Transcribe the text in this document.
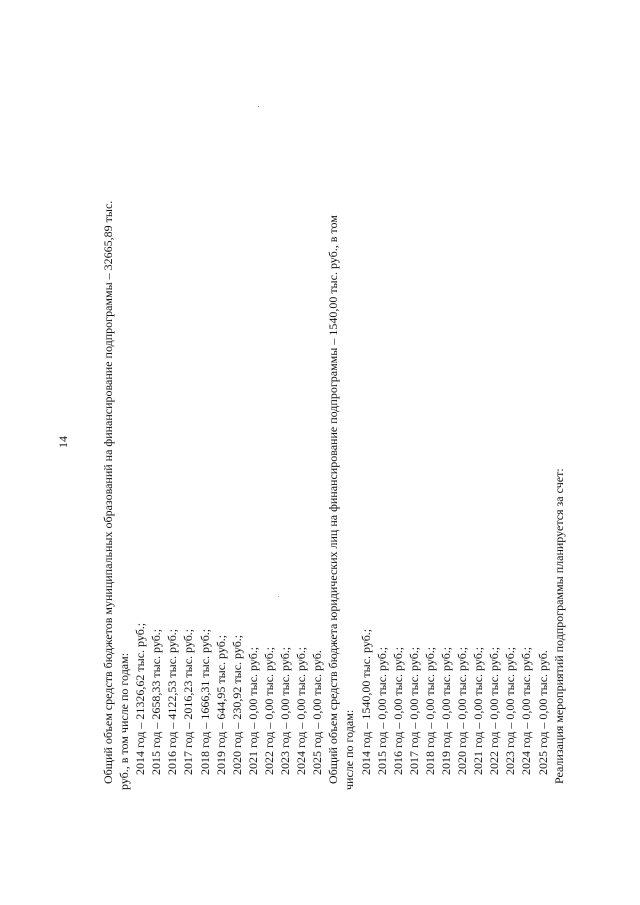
14	Общий объем средств бюджетов муниципальных образований на финансирование подпрограммы – 32665,89 тыс. руб., в том числе по годам: 2014 год – 21326,62 тыс. руб.; 2015 год – 2658,33 тыс. руб.; 2016 год – 4122,53 тыс. руб.; 2017 год – 2016,23 тыс. руб.; 2018 год – 1666,31 тыс. руб.; 2019 год – 644,95 тыс. руб.; 2020 год – 230,92 тыс. руб.; 2021 год – 0,00 тыс. руб.; 2022 год – 0,00 тыс. руб.; 2023 год – 0,00 тыс. руб.; 2024 год – 0,00 тыс. руб.; 2025 год – 0,00 тыс. руб. Общий объем средств бюджета юридических лиц на финансирование подпрограммы – 1540,00 тыс. руб., в том числе по годам: 2014 год – 1540,00 тыс. руб.; 2015 год – 0,00 тыс. руб.; 2016 год – 0,00 тыс. руб.; 2017 год – 0,00 тыс. руб.; 2018 год – 0,00 тыс. руб.; 2019 год – 0,00 тыс. руб.; 2020 год – 0,00 тыс. руб.; 2021 год – 0,00 тыс. руб.; 2022 год – 0,00 тыс. руб.; 2023 год – 0,00 тыс. руб.; 2024 год – 0,00 тыс. руб.; 2025 год – 0,00 тыс. руб. Реализация мероприятий подпрограммы планируется за счет:
